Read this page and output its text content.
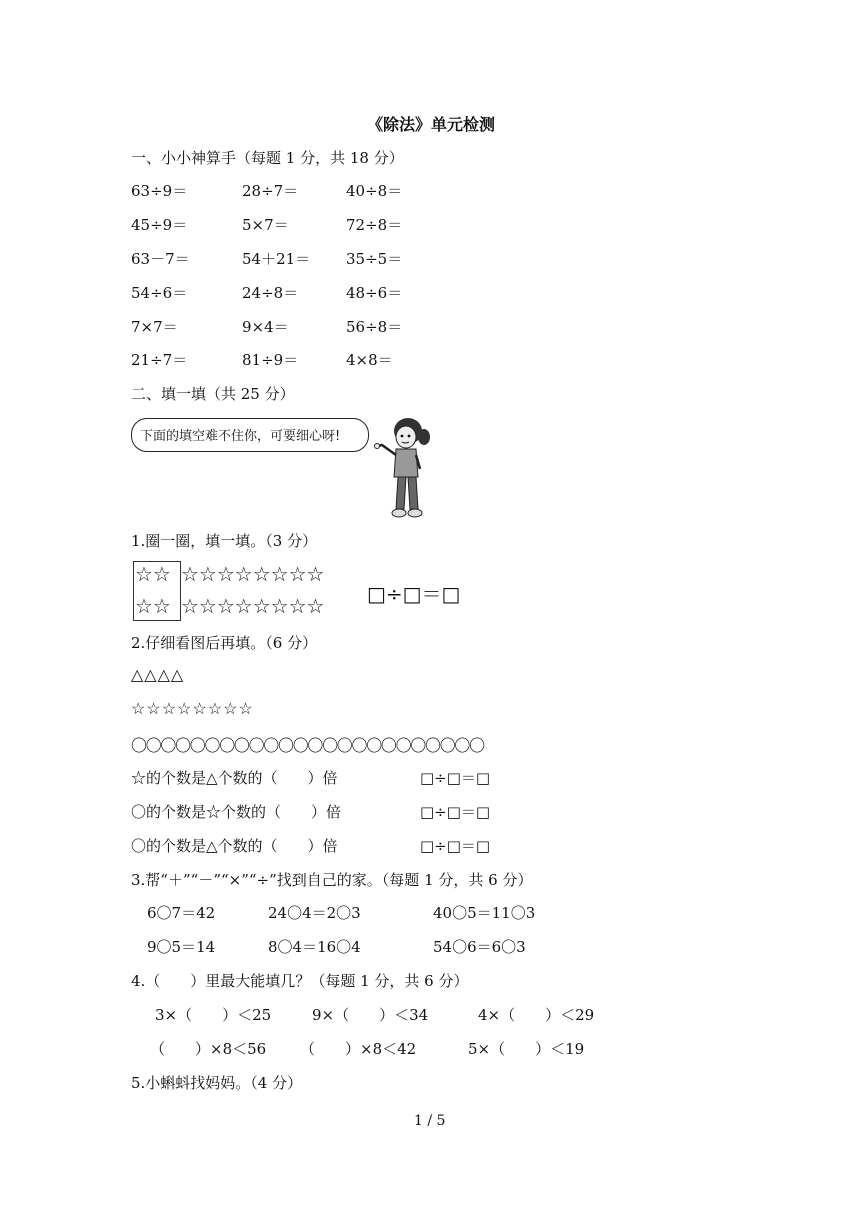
《除法》单元检测
一、小小神算手（每题 1 分，共 18 分）
63÷9＝	28÷7＝	40÷8＝
45÷9＝	5×7＝	72÷8＝
63－7＝	54＋21＝ 35÷5＝
54÷6＝	24÷8＝	48÷6＝
7×7＝	9×4＝	56÷8＝
21÷7＝	81÷9＝	4×8＝
二、填一填（共 25 分）
下面的填空难不住你，可要细心呀!
1.圈一圈，填一填。（3 分）
☆☆
☆☆
☆☆☆☆☆☆☆☆
☆☆☆☆☆☆☆☆ □÷□＝□
2.仔细看图后再填。（6 分）
△△△△
☆☆☆☆☆☆☆☆
〇〇〇〇〇〇〇〇〇〇〇〇〇〇〇〇〇〇〇〇〇〇〇〇
☆的个数是△个数的（　　）倍	□÷□＝□
〇的个数是☆个数的（　　）倍	□÷□＝□
〇的个数是△个数的（　　）倍	□÷□＝□
3.帮“＋”“－”“×”“÷”找到自己的家。（每题 1 分，共 6 分）
6〇7＝42	24〇4＝2〇3	40〇5＝11〇3
9〇5＝14	8〇4＝16〇4	54〇6＝6〇3
4.（　　）里最大能填几？（每题 1 分，共 6 分）
3×（　　）＜25	9×（　　）＜34	4×（　　）＜29
（　　）×8＜56 （　　）×8＜42	5×（　　）＜19
5.小蝌蚪找妈妈。（4 分）
1 / 5
